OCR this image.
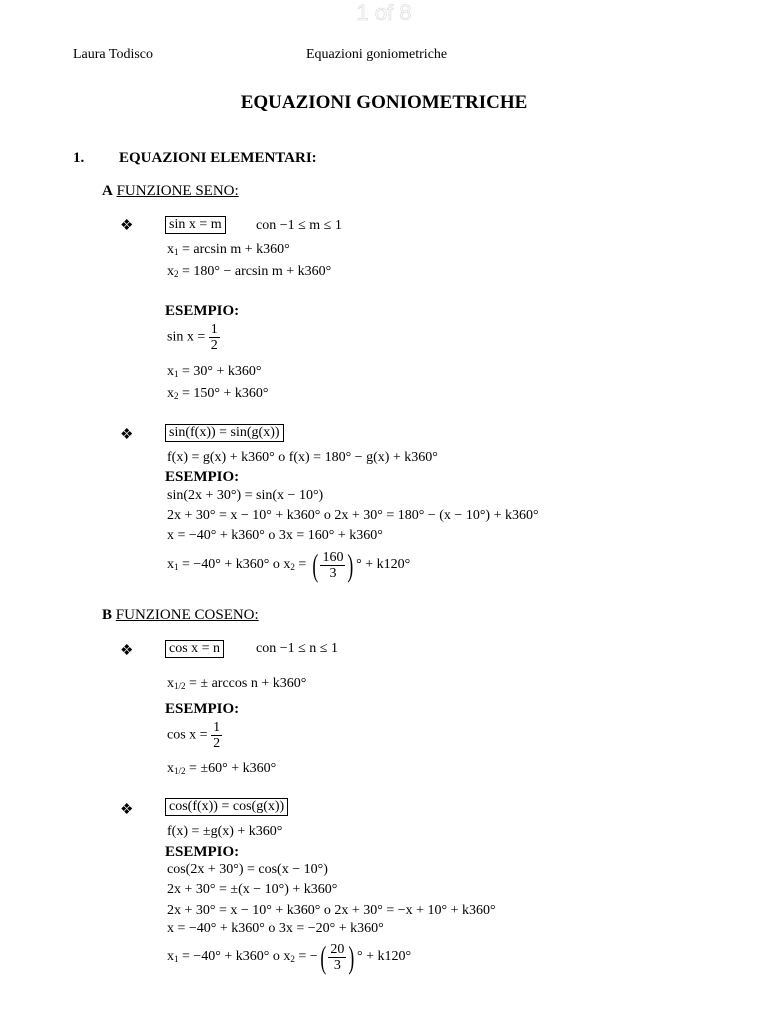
1 of 8
Laura Todisco	Equazioni goniometriche
EQUAZIONI GONIOMETRICHE
1. EQUAZIONI ELEMENTARI:
A FUNZIONE SENO:
❖	sin x = m con −1 ≤ m ≤ 1
x1 = arcsin m + k360°
x2 = 180° − arcsin m + k360°
ESEMPIO:
$\sin x = \frac{1}{2}$
x1 = 30° + k360°
x2 = 150° + k360°
❖	sin(f(x)) = sin(g(x))
f(x) = g(x) + k360° o f(x) = 180° − g(x) + k360°
ESEMPIO:
sin(2x + 30°) = sin(x − 10°)
2x + 30° = x − 10° + k360° o 2x + 30° = 180° − (x − 10°) + k360°
x = −40° + k360° o 3x = 160° + k360°
x1 = −40° + k360° o x2 = ( $\frac{160}{3}$ ) ° + k120°
B FUNZIONE COSENO:
❖	cos x = n	con −1 ≤ n ≤ 1
x1/2 = ± arccos n + k360°
ESEMPIO:
$\cos x = \frac{1}{2}$
x1/2 = ±60° + k360°
❖	cos(f(x)) = cos(g(x))
f(x) = ±g(x) + k360°
ESEMPIO:
cos(2x + 30°) = cos(x − 10°)
2x + 30° = ±(x − 10°) + k360°
2x + 30° = x − 10° + k360° o 2x + 30° = −x + 10° + k360°
x = −40° + k360° o 3x = −20° + k360°
x1 = −40° + k360° o x2 = −( $\frac{20}{3}$ ) ° + k120°
